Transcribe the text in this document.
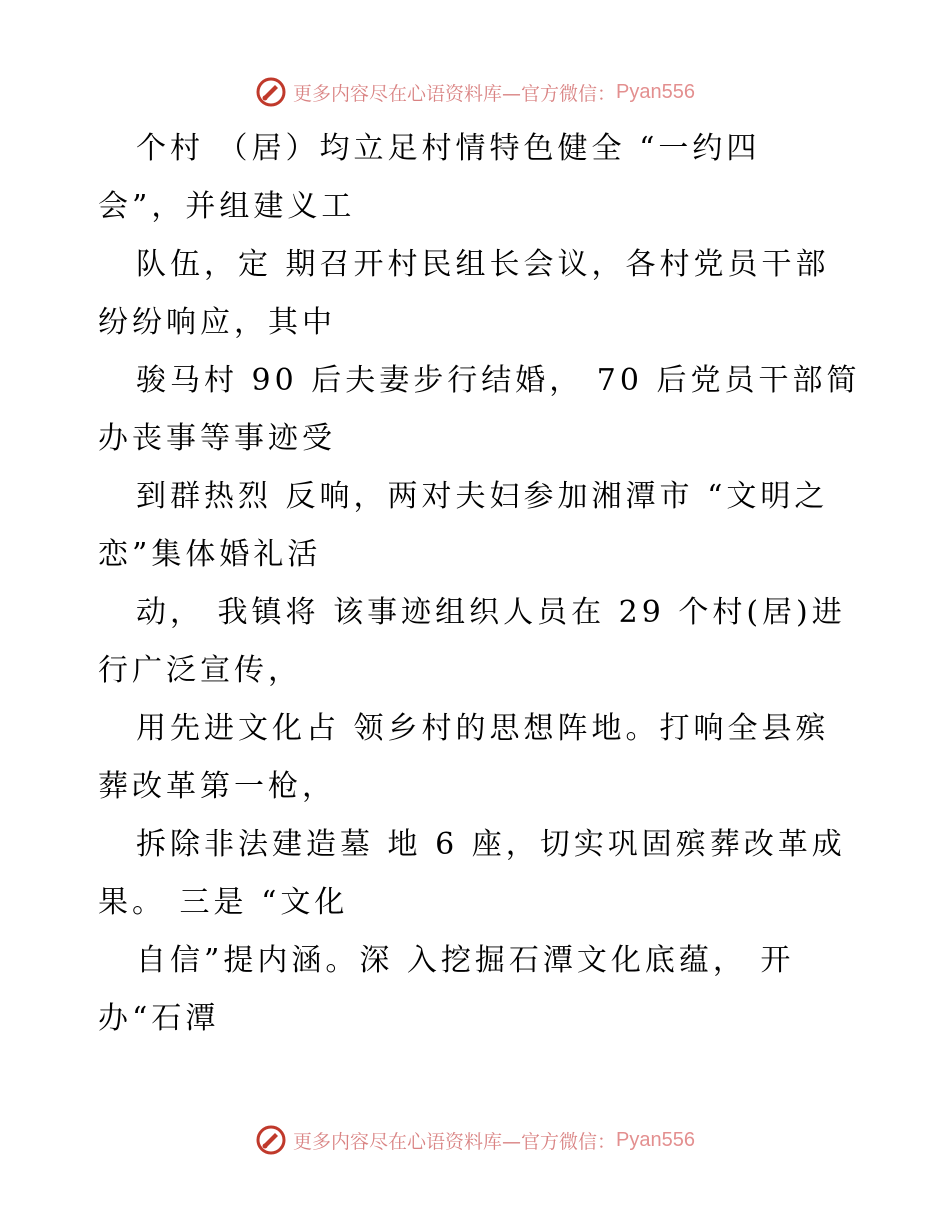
更多内容尽在心语资料库—官方微信： Pyan556
个村 （居）均立足村情特色健全 “一约四
会”，并组建义工
队伍，定 期召开村民组长会议，各村党员干部
纷纷响应，其中
骏马村 90 后夫妻步行结婚， 70 后党员干部简
办丧事等事迹受
到群热烈 反响，两对夫妇参加湘潭市 “文明之
恋”集体婚礼活
动， 我镇将 该事迹组织人员在 29 个村(居)进
行广泛宣传，
用先进文化占 领乡村的思想阵地。打响全县殡
葬改革第一枪，
拆除非法建造墓 地 6 座，切实巩固殡葬改革成
果。 三是 “文化
自信”提内涵。深 入挖掘石潭文化底蕴， 开
办“石潭
更多内容尽在心语资料库—官方微信： Pyan556
